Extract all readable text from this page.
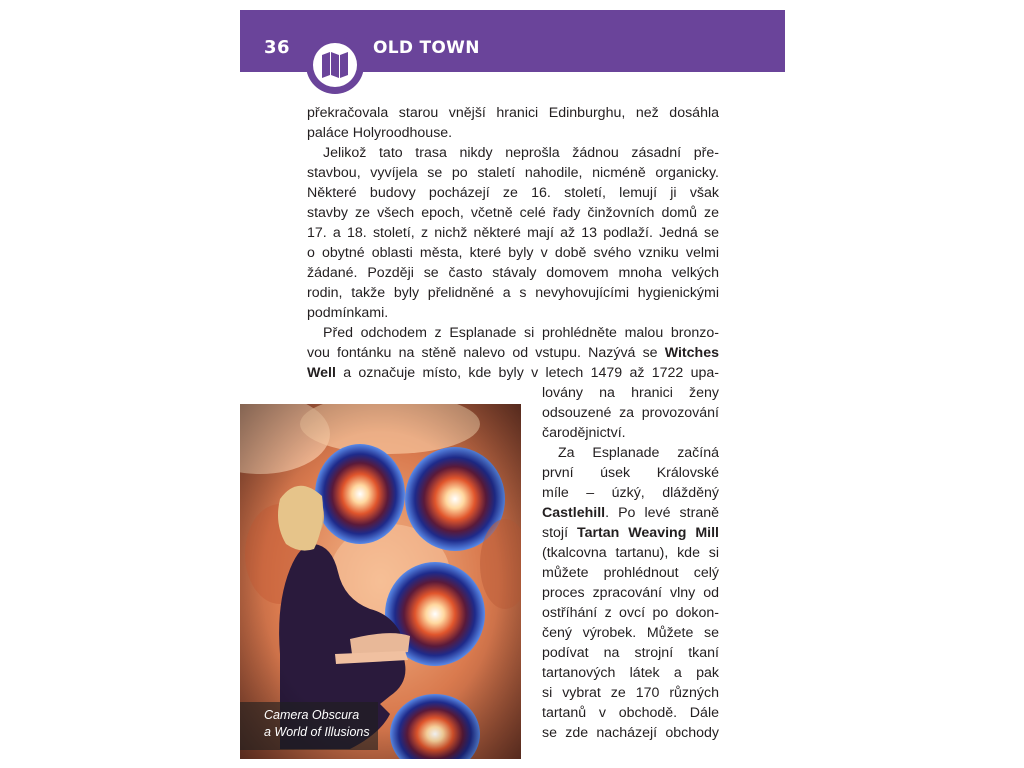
36	OLD TOWN
překračovala starou vnější hranici Edinburghu, než dosáhla
paláce Holyroodhouse.
Jelikož tato trasa nikdy neprošla žádnou zásadní pře-
stavbou, vyvíjela se po staletí nahodile, nicméně organicky.
Některé budovy pocházejí ze 16. století, lemují ji však
stavby ze všech epoch, včetně celé řady činžovních domů ze
17. a 18. století, z nichž některé mají až 13 podlaží. Jedná se
o obytné oblasti města, které byly v době svého vzniku velmi
žádané. Později se často stávaly domovem mnoha velkých
rodin, takže byly přelidněné a s nevyhovujícími hygienickými
podmínkami.
Před odchodem z Esplanade si prohlédněte malou bronzo-
vou fontánku na stěně nalevo od vstupu. Nazývá se Witches
Well a označuje místo, kde byly v letech 1479 až 1722 upa-
lovány na hranici ženy
odsouzené za provozování
čarodějnictví.
Za Esplanade začíná
první úsek Královské
míle – úzký, dlážděný
Castlehill. Po levé straně
stojí Tartan Weaving Mill
(tkalcovna tartanu), kde si
můžete prohlédnout celý
proces zpracování vlny od
ostříhání z ovcí po dokon-
čený výrobek. Můžete se
podívat na strojní tkaní
tartanových látek a pak
si vybrat ze 170 různých
tartanů v obchodě. Dále
se zde nacházejí obchody
Camera Obscura
a World of Illusions
